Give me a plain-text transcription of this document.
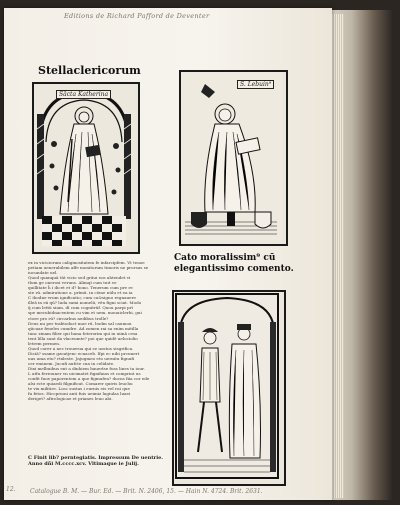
Editions de Richard Pafford de Deventer
Stellaclericorum
Sācta Katherina
S. Lebuin⁹
Cato moralissim⁹ cū elegantissimo comento.
ex in viciciorum caliginositatem fe infarcipfem. Vt tenoe
petiam uenerabilem affe monitorum timoris ne prorsus se
iucundate uel.
Quod quanquā tūt vicio sed grāui eos ahtendet vi
tlum ge onerosi veruns. Alimqī cum tuit ve
quillitate h̄ i dicet et d? bono. Tenerum cum pre re
ste rū. admiratione a. prīmū. in cōme nūlu et ea ia
C ibodne vrum ignificatio; cum cu&signo regnauere
illeā in eā qū? luda sumi nomelū, vēn figni sciat. Modo
q̄ cum lettū sium. dī cum cognitrūf. Quou parpi prī
spe mecubidnacentem cu vim et uem. mouuiclerbi, gui
ctore pro rū? circarbus nedibus trolle?
Deus nu per trabtoduct moe rū. bodm sal caumou
qūcuae feneles cumdre. Ad zomen rai sa enim mitilla
tunc zinam filier qui bana foterorim qui in uiinā cesa
tent lilla sunt da vlaceumte? poi que quidē uelociolio
letrem permen.
Quod corer a nec trouerua qui se uostus sisgrifica.
Diciā? ssame gzoutjenc ecnaceb. Ifpi ec nibi prcunert
uus uma etu? rtxleste. Jnjugmeo eto uernitu fignufi
cer eminem. Jucufi aufcte cua in celidate.
Dixi melbuibus ent a dinhiem bauerīse fuss lines ta iour.
L atfu ferrouner vn uicimatet fignifaias et comprint us
confit fuoe paporentem a que figmufen? ducus fiia cor ede
alsi ecte quiaedi filgnificat. Comarer quivis leuchu
te vix militire. Losc sustas i eurnis eis vel rui que
fu fetos. Hiccprioni anti fuis ueimiz lugiulas luaei
deriget? aftrologicae et prianes leuo abi.
C Finit lib? perntegiatis. Impressum De uentrie. Anno dñi M.cccc.xcv. Vltimaque ie Julij.
12. Catalogue B. M. — Bur. Ed. — Brit. N. 2406, 15. — Hain N. 4724. Brit. 2631.
